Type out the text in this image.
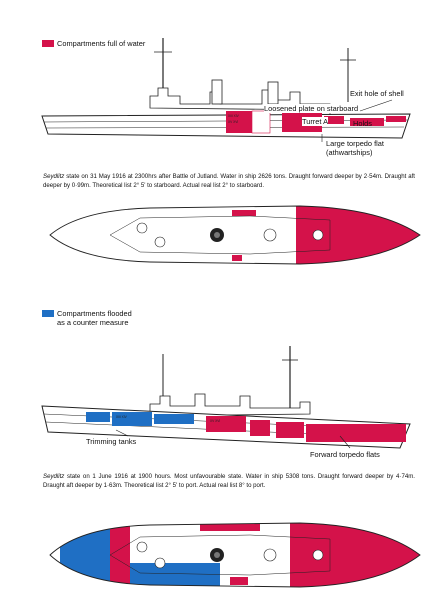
Compartments full of water
XIII XIV
XV XVI
Exit hole of shell
Loosened plate on starboard
Turret A	Holds
Large torpedo flat
(athwartships)
Seydlitz state on 31 May 1916 at 2300hrs after Battle of Jutland. Water in ship 2626 tons. Draught forward deeper by 2·54m. Draught aft deeper by 0·99m. Theoretical list 2° 5' to starboard. Actual real list 2° to starboard.
Compartments flooded
as a counter measure
XIII XIV
XV XVI
Trimming tanks
Forward torpedo flats
Seydlitz state on 1 June 1916 at 1900 hours. Most unfavourable state. Water in ship 5308 tons. Draught forward deeper by 4·74m. Draught aft deeper by 1·63m. Theoretical list 2° 5' to port. Actual real list 8° to port.
